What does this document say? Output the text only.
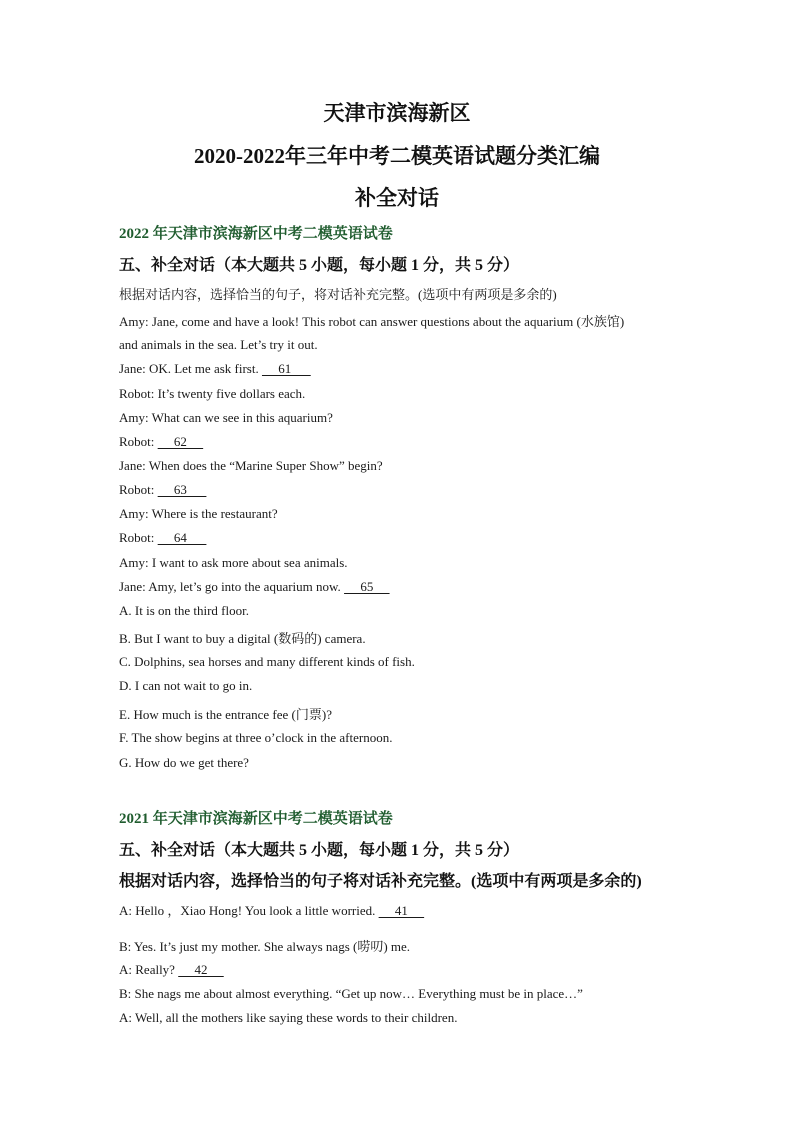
天津市滨海新区
2020-2022年三年中考二模英语试题分类汇编
补全对话
2022 年天津市滨海新区中考二模英语试卷
五、补全对话（本大题共 5 小题，每小题 1 分，共 5 分）
根据对话内容，选择恰当的句子，将对话补充完整。(选项中有两项是多余的)
Amy: Jane, come and have a look! This robot can answer questions about the aquarium (水族馆)
and animals in the sea. Let’s try it out.
Jane: OK. Let me ask first.      61
Robot: It’s twenty five dollars each.
Amy: What can we see in this aquarium?
Robot:      62
Jane: When does the “Marine Super Show” begin?
Robot:      63
Amy: Where is the restaurant?
Robot:      64
Amy: I want to ask more about sea animals.
Jane: Amy, let’s go into the aquarium now.      65
A. It is on the third floor.
B. But I want to buy a digital (数码的) camera.
C. Dolphins, sea horses and many different kinds of fish.
D. I can not wait to go in.
E. How much is the entrance fee (门票)?
F. The show begins at three o’clock in the afternoon.
G. How do we get there?
2021 年天津市滨海新区中考二模英语试卷
五、补全对话（本大题共 5 小题，每小题 1 分，共 5 分）
根据对话内容，选择恰当的句子将对话补充完整。(选项中有两项是多余的)
A: Hello ，Xiao Hong! You look a little worried.      41
B: Yes. It’s just my mother. She always nags (唠叨) me.
A: Really?      42
B: She nags me about almost everything. “Get up now… Everything must be in place…”
A: Well, all the mothers like saying these words to their children.
